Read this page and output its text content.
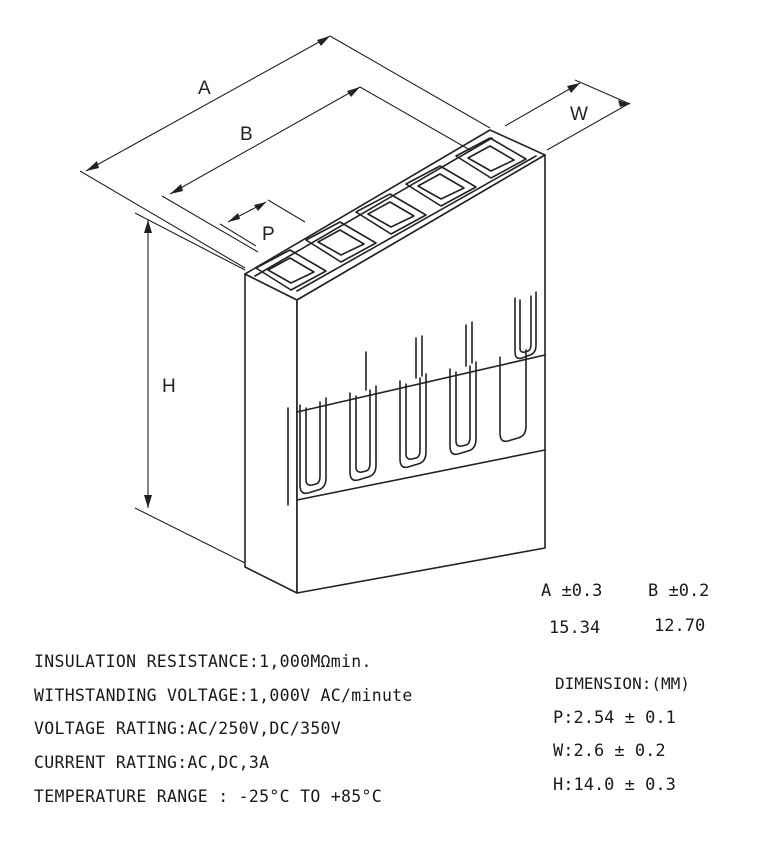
A
B
P
W
H
A ±0.3	B ±0.2
15.34	12.70
DIMENSION:(MM)
P:2.54 ± 0.1
W:2.6 ± 0.2
H:14.0 ± 0.3
INSULATION RESISTANCE:1,000MΩmin.
WITHSTANDING VOLTAGE:1,000V AC/minute
VOLTAGE RATING:AC/250V,DC/350V
CURRENT RATING:AC,DC,3A
TEMPERATURE RANGE : -25°C TO +85°C
